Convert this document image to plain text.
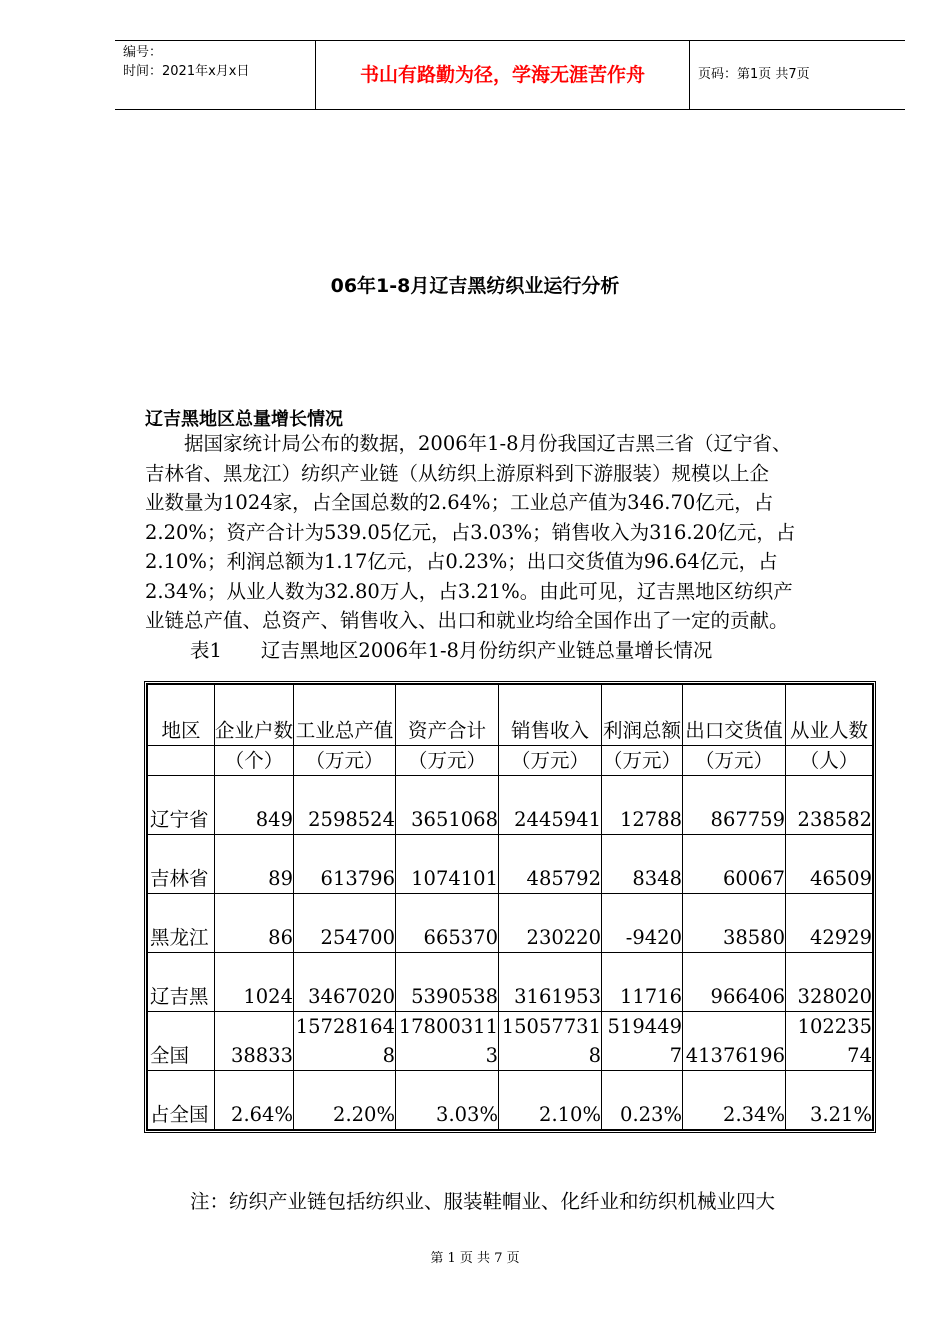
编号：
时间：2021年x月x日	书山有路勤为径，学海无涯苦作舟	页码：第1页 共7页
06年1-8月辽吉黑纺织业运行分析
辽吉黑地区总量增长情况
　　据国家统计局公布的数据，2006年1-8月份我国辽吉黑三省（辽宁省、
吉林省、黑龙江）纺织产业链（从纺织上游原料到下游服装）规模以上企
业数量为1024家，占全国总数的2.64%；工业总产值为346.70亿元，占
2.20%；资产合计为539.05亿元，占3.03%；销售收入为316.20亿元，占
2.10%；利润总额为1.17亿元，占0.23%；出口交货值为96.64亿元，占
2.34%；从业人数为32.80万人，占3.21%。由此可见，辽吉黑地区纺织产
业链总产值、总资产、销售收入、出口和就业均给全国作出了一定的贡献。
表1　　辽吉黑地区2006年1-8月份纺织产业链总量增长情况
地区	企业户数	工业总产值	资产合计	销售收入	利润总额	出口交货值	从业人数
	（个）	（万元）	（万元）	（万元）	（万元）	（万元）	（人）
辽宁省	849	2598524	3651068	2445941	12788	867759	238582
吉林省	89	613796	1074101	485792	8348	60067	46509
黑龙江	86	254700	665370	230220	-9420	38580	42929
辽吉黑	1024	3467020	5390538	3161953	11716	966406	328020
全国	38833	157281648	178003113	150577318	5194497	41376196	10223574
占全国	2.64%	2.20%	3.03%	2.10%	0.23%	2.34%	3.21%
注：纺织产业链包括纺织业、服装鞋帽业、化纤业和纺织机械业四大
第 1 页 共 7 页
